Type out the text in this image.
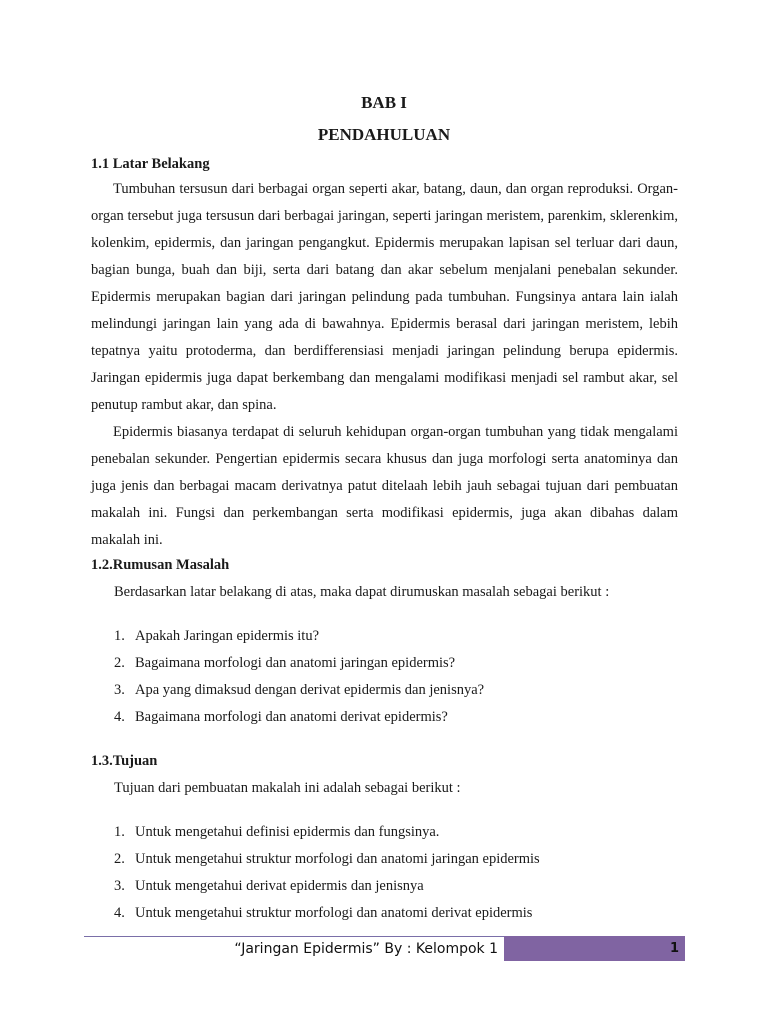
BAB I
PENDAHULUAN
1.1 Latar Belakang

Tumbuhan tersusun dari berbagai organ seperti akar, batang, daun, dan organ reproduksi. Organ-organ tersebut juga tersusun dari berbagai jaringan, seperti jaringan meristem, parenkim, sklerenkim, kolenkim, epidermis, dan jaringan pengangkut. Epidermis merupakan lapisan sel terluar dari daun, bagian bunga, buah dan biji, serta dari batang dan akar sebelum menjalani penebalan sekunder. Epidermis merupakan bagian dari jaringan pelindung pada tumbuhan. Fungsinya antara lain ialah melindungi jaringan lain yang ada di bawahnya. Epidermis berasal dari jaringan meristem, lebih tepatnya yaitu protoderma, dan berdifferensiasi menjadi jaringan pelindung berupa epidermis. Jaringan epidermis juga dapat berkembang dan mengalami modifikasi menjadi sel rambut akar, sel penutup rambut akar, dan spina.

Epidermis biasanya terdapat di seluruh kehidupan organ-organ tumbuhan yang tidak mengalami penebalan sekunder. Pengertian epidermis secara khusus dan juga morfologi serta anatominya dan juga jenis dan berbagai macam derivatnya patut ditelaah lebih jauh sebagai tujuan dari pembuatan makalah ini. Fungsi dan perkembangan serta modifikasi epidermis, juga akan dibahas dalam makalah ini.

1.2.Rumusan Masalah

Berdasarkan latar belakang di atas, maka dapat dirumuskan masalah sebagai berikut :

1. Apakah Jaringan epidermis itu?
2. Bagaimana morfologi dan anatomi jaringan epidermis?
3. Apa yang dimaksud dengan derivat epidermis dan jenisnya?
4. Bagaimana morfologi dan anatomi derivat epidermis?
1.3.Tujuan

Tujuan dari pembuatan makalah ini adalah sebagai berikut :

1. Untuk mengetahui definisi epidermis dan fungsinya.
2. Untuk mengetahui struktur morfologi dan anatomi jaringan epidermis
3. Untuk mengetahui derivat epidermis dan jenisnya
4. Untuk mengetahui struktur morfologi dan anatomi derivat epidermis
“Jaringan Epidermis” By : Kelompok 1	1
